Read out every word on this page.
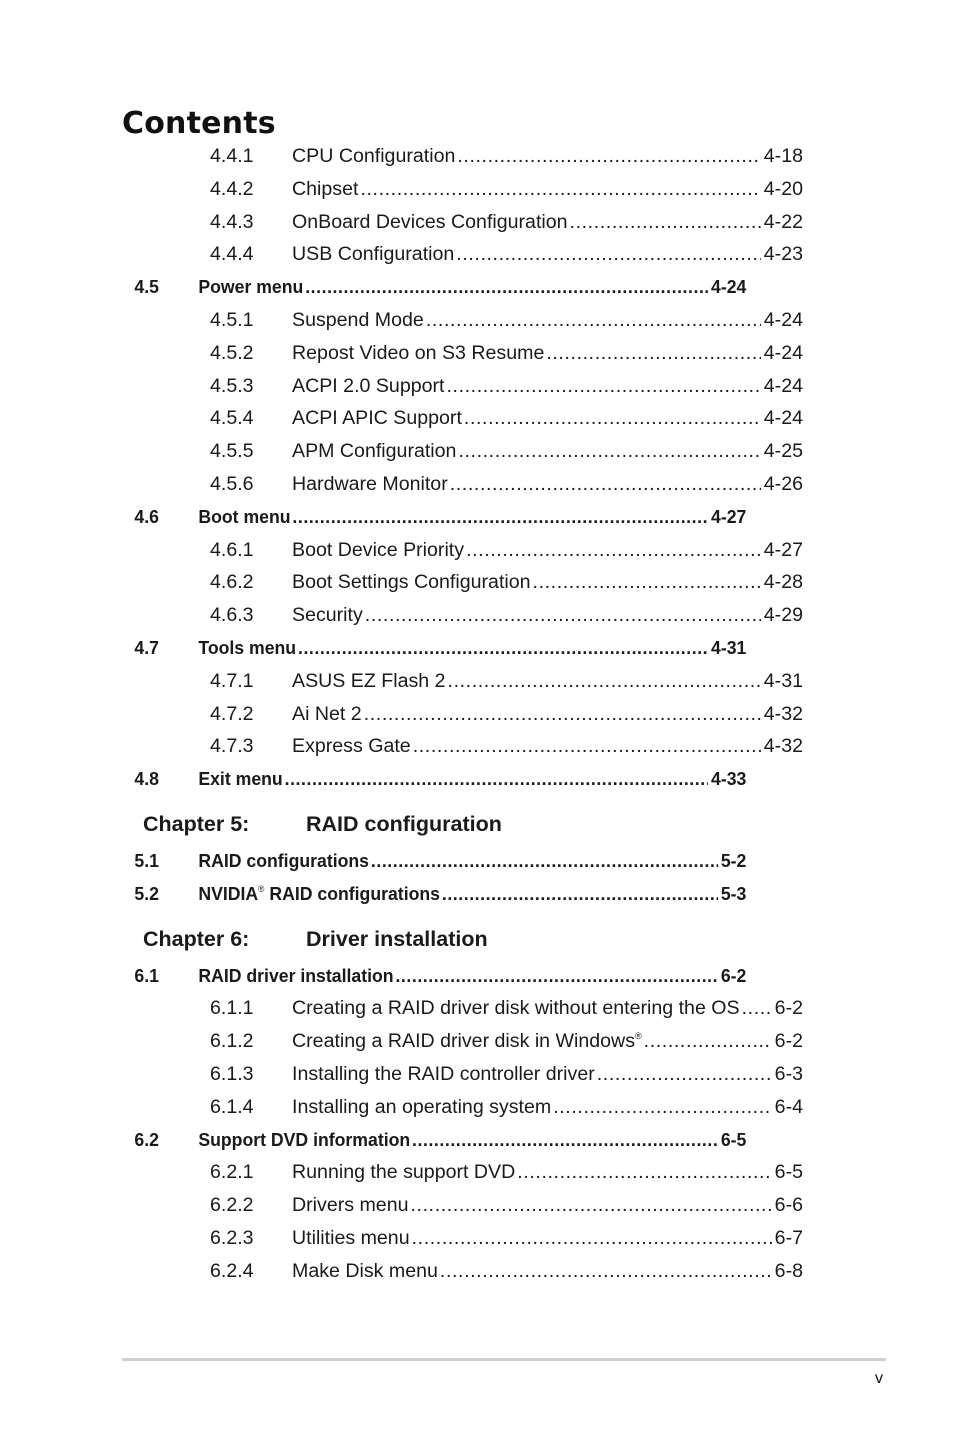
Contents
4.4.1 CPU Configuration .....	4-18
4.4.2 Chipset .....	4-20
4.4.3 OnBoard Devices Configuration .....	4-22
4.4.4 USB Configuration .....	4-23
4.5 Power menu .....	4-24
4.5.1 Suspend Mode .....	4-24
4.5.2 Repost Video on S3 Resume .....	4-24
4.5.3 ACPI 2.0 Support .....	4-24
4.5.4 ACPI APIC Support .....	4-24
4.5.5 APM Configuration .....	4-25
4.5.6 Hardware Monitor .....	4-26
4.6 Boot menu .....	4-27
4.6.1 Boot Device Priority .....	4-27
4.6.2 Boot Settings Configuration .....	4-28
4.6.3 Security .....	4-29
4.7 Tools menu .....	4-31
4.7.1 ASUS EZ Flash 2 .....	4-31
4.7.2 Ai Net 2 .....	4-32
4.7.3 Express Gate .....	4-32
4.8 Exit menu .....	4-33
Chapter 5:	RAID configuration
5.1 RAID configurations .....	5-2
5.2 NVIDIA® RAID configurations .....	5-3
Chapter 6:	Driver installation
6.1 RAID driver installation .....	6-2
6.1.1 Creating a RAID driver disk without entering the OS ..... 6-2
6.1.2 Creating a RAID driver disk in Windows® .....	6-2
6.1.3 Installing the RAID controller driver .....	6-3
6.1.4 Installing an operating system .....	6-4
6.2 Support DVD information .....	6-5
6.2.1 Running the support DVD .....	6-5
6.2.2 Drivers menu .....	6-6
6.2.3 Utilities menu .....	6-7
6.2.4 Make Disk menu .....	6-8
v
